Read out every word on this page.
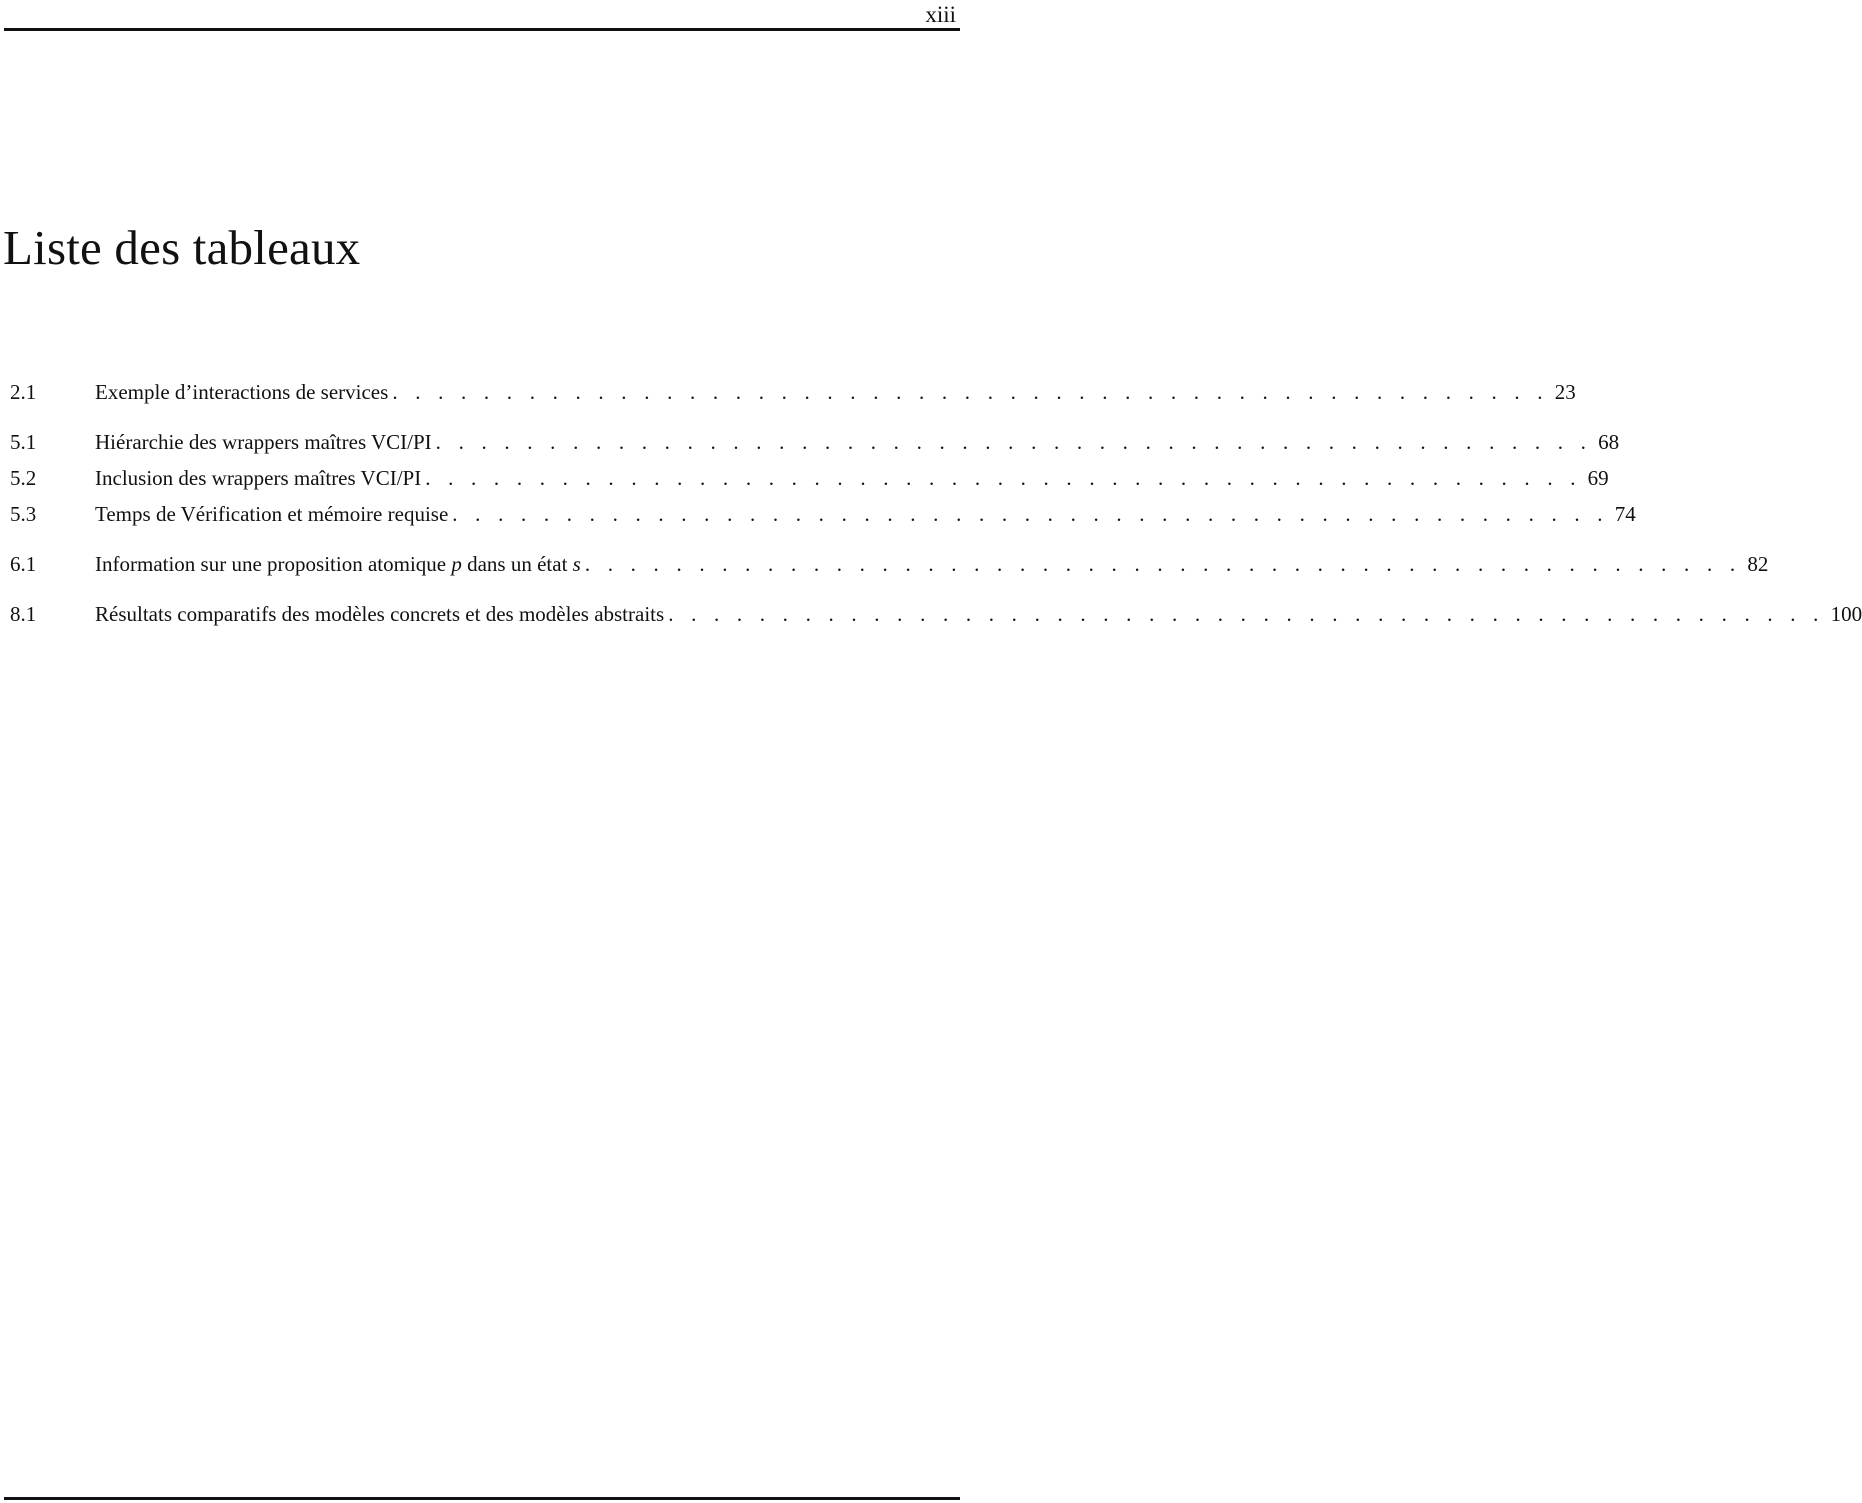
xiii
Liste des tableaux
2.1	Exemple d’interactions de services . . . . . . . . . . . . . . . . . . . . . . . . . . . . . . . . . . . . . . . . . . . . . . . . . . . 23
5.1	Hiérarchie des wrappers maîtres VCI/PI . . . . . . . . . . . . . . . . . . . . . . . . . . . . . . . . . . . . . . . . . . . . . . . . . . . 68
5.2	Inclusion des wrappers maîtres VCI/PI . . . . . . . . . . . . . . . . . . . . . . . . . . . . . . . . . . . . . . . . . . . . . . . . . . . 69
5.3	Temps de Vérification et mémoire requise . . . . . . . . . . . . . . . . . . . . . . . . . . . . . . . . . . . . . . . . . . . . . . . . . . . 74
6.1	Information sur une proposition atomique p dans un état s . . . . . . . . . . . . . . . . . . . . . . . . . . . . . . . . . . . . . . . . . . . . . . . . . . . 82
8.1	Résultats comparatifs des modèles concrets et des modèles abstraits . . . . . . . . . . . . . . . . . . . . . . . . . . . . . . . . . . . . . . . . . . . . . . . . . . . 100
